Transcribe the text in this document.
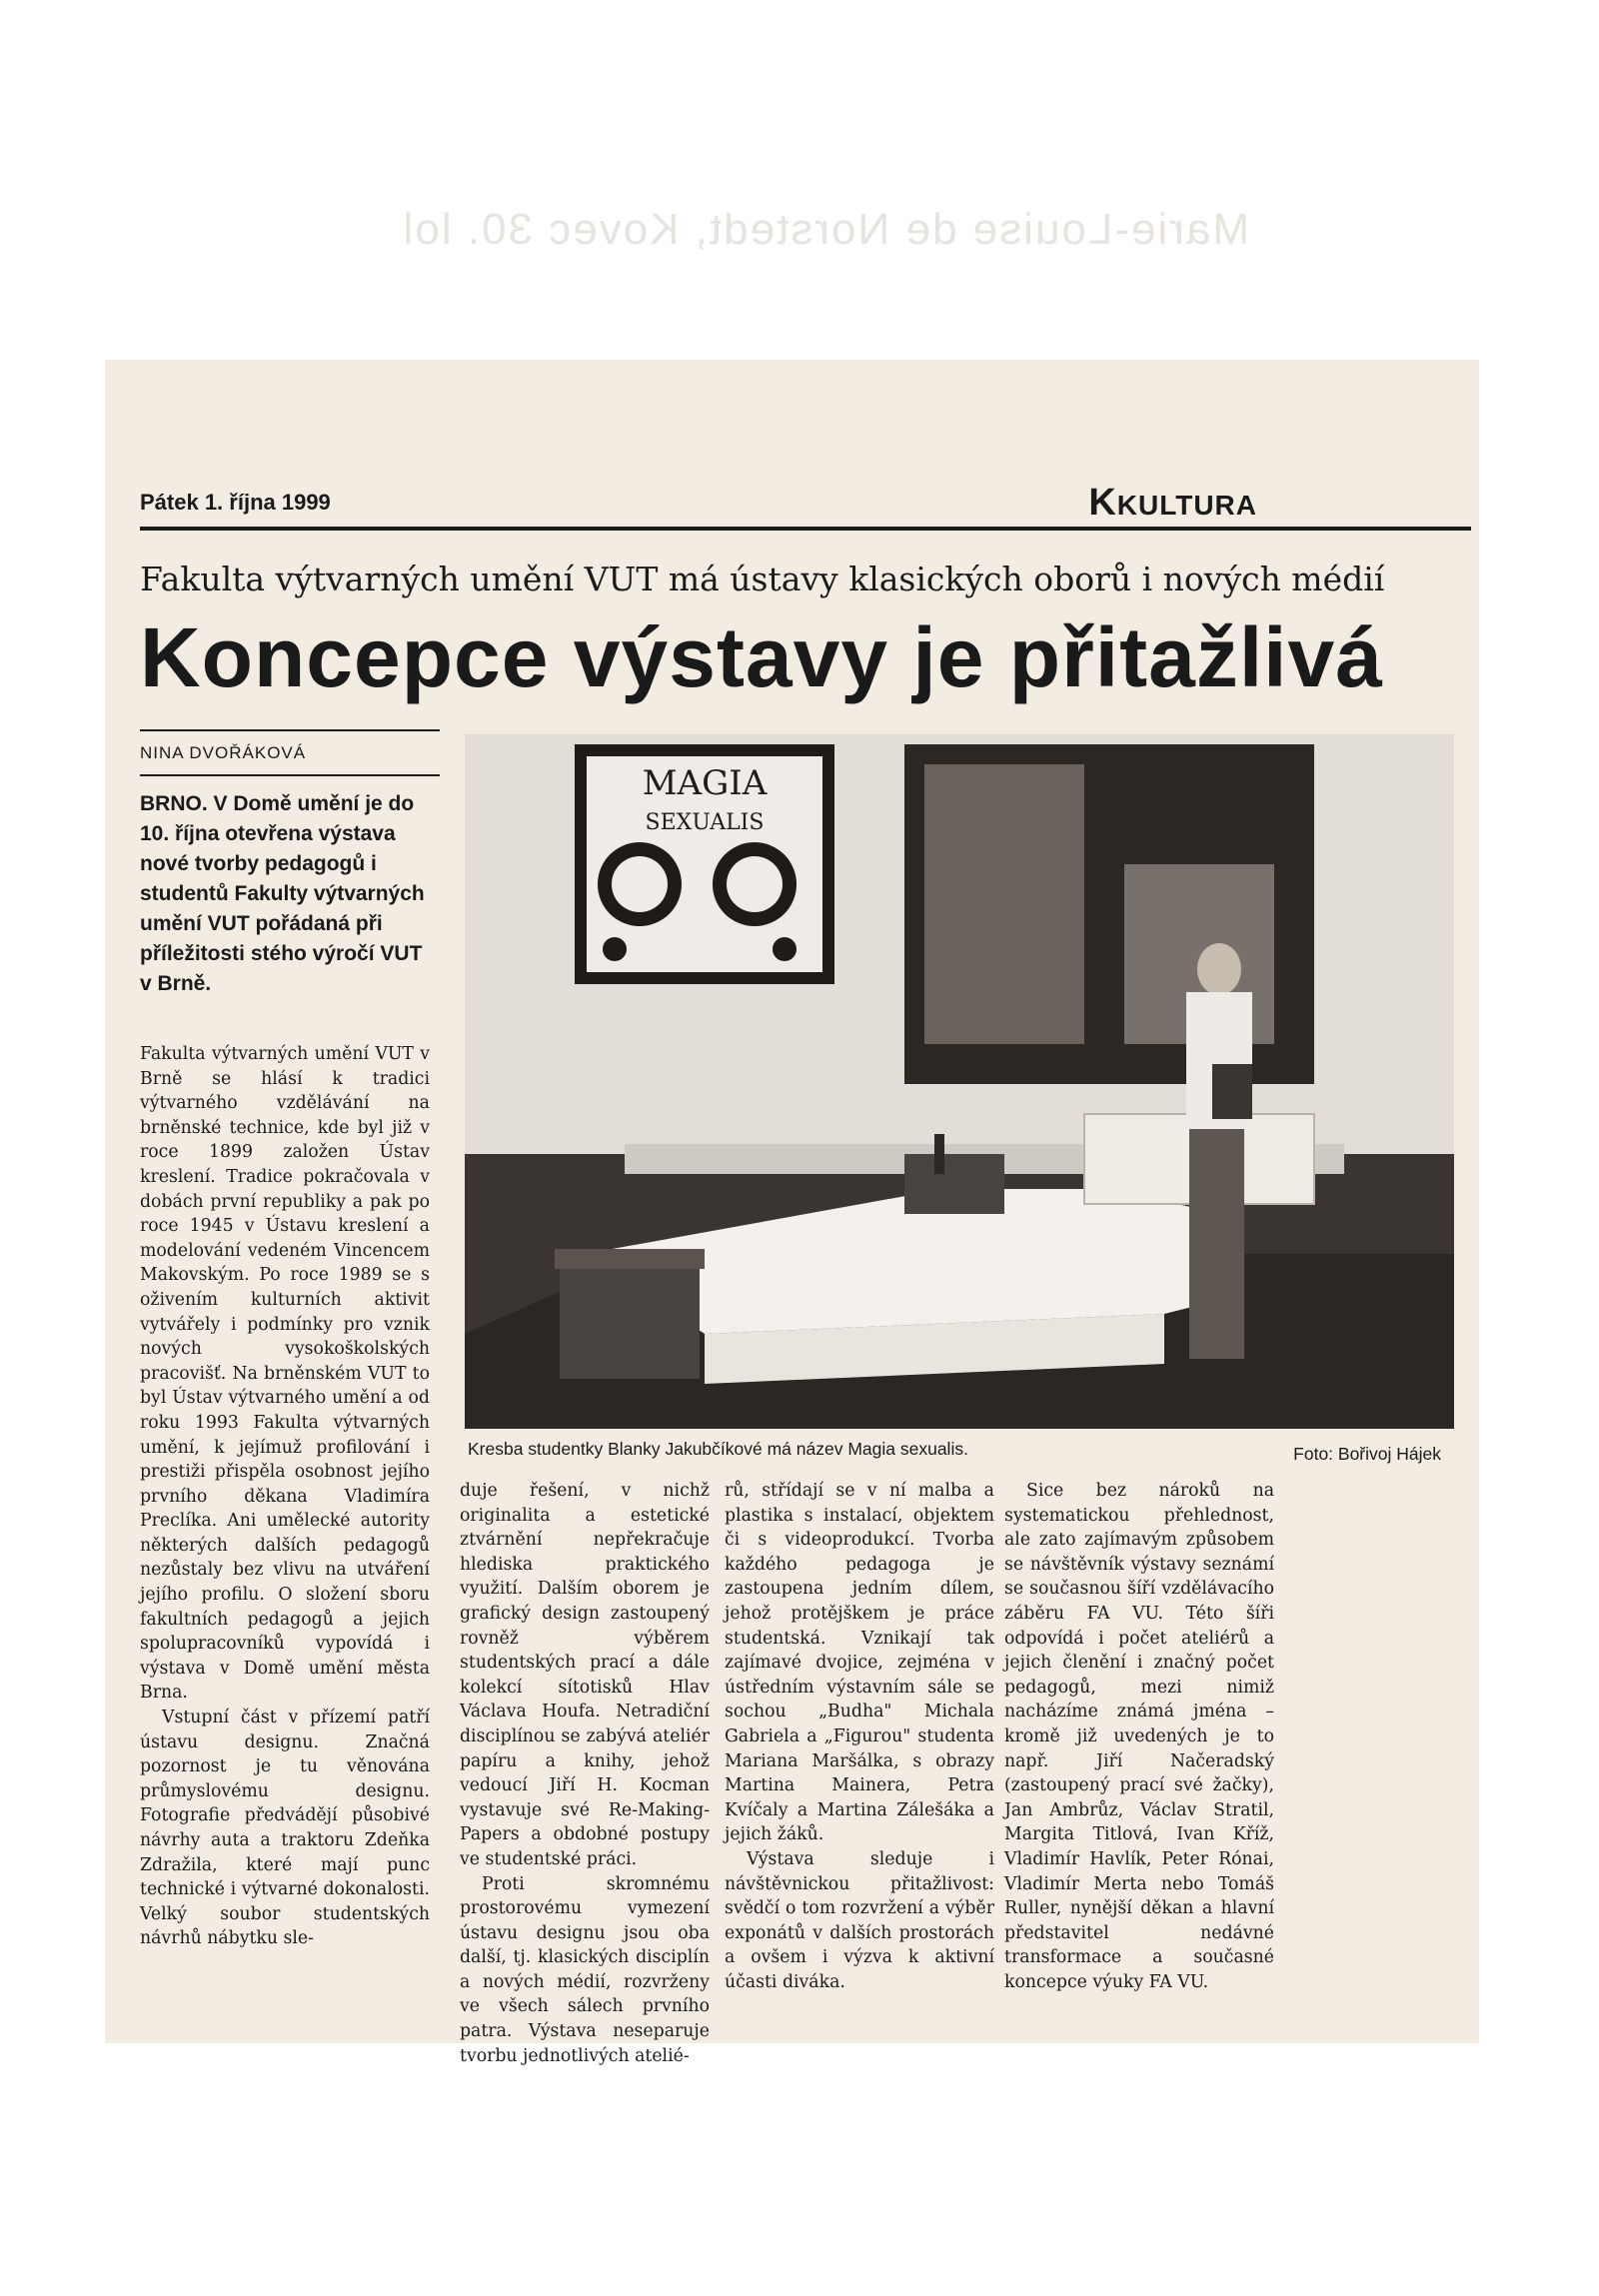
Marie-Louise de Norstedt, Kovec 30. lol
Pátek 1. října 1999	KKULTURA
Fakulta výtvarných umění VUT má ústavy klasických oborů i nových médií
Koncepce výstavy je přitažlivá
NINA DVOŘÁKOVÁ
BRNO. V Domě umění je do 10. října otevřena výstava nové tvorby pedagogů i studentů Fakulty výtvarných umění VUT pořádaná při příležitosti stého výročí VUT v Brně.

Fakulta výtvarných umění VUT v Brně se hlásí k tradici výtvarného vzdělávání na brněnské technice, kde byl již v roce 1899 založen Ústav kreslení. Tradice pokračovala v dobách první republiky a pak po roce 1945 v Ústavu kreslení a modelování vedeném Vincencem Makovským. Po roce 1989 se s oživením kulturních aktivit vytvářely i podmínky pro vznik nových vysokoškolských pracovišť. Na brněnském VUT to byl Ústav výtvarného umění a od roku 1993 Fakulta výtvarných umění, k jejímuž profilování i prestiži přispěla osobnost jejího prvního děkana Vladimíra Preclíka. Ani umělecké autority některých dalších pedagogů nezůstaly bez vlivu na utváření jejího profilu. O složení sboru fakultních pedagogů a jejich spolupracovníků vypovídá i výstava v Domě umění města Brna.

Vstupní část v přízemí patří ústavu designu. Značná pozornost je tu věnována průmyslovému designu. Fotografie předvádějí působivé návrhy auta a traktoru Zdeňka Zdražila, které mají punc technické i výtvarné dokonalosti. Velký soubor studentských návrhů nábytku sle-

MAGIA
SEXUALIS
Kresba studentky Blanky Jakubčíkové má název Magia sexualis.	Foto: Bořivoj Hájek

duje řešení, v nichž originalita a estetické ztvárnění nepřekračuje hlediska praktického využití. Dalším oborem je grafický design zastoupený rovněž výběrem studentských prací a dále kolekcí sítotisků Hlav Václava Houfa. Netradiční disciplínou se zabývá ateliér papíru a knihy, jehož vedoucí Jiří H. Kocman vystavuje své Re-Making-Papers a obdobné postupy ve studentské práci.

Proti skromnému prostorovému vymezení ústavu designu jsou oba další, tj. klasických disciplín a nových médií, rozvrženy ve všech sálech prvního patra. Výstava neseparuje tvorbu jednotlivých atelié-

rů, střídají se v ní malba a plastika s instalací, objektem či s videoprodukcí. Tvorba každého pedagoga je zastoupena jedním dílem, jehož protějškem je práce studentská. Vznikají tak zajímavé dvojice, zejména v ústředním výstavním sále se sochou „Budha" Michala Gabriela a „Figurou" studenta Mariana Maršálka, s obrazy Martina Mainera, Petra Kvíčaly a Martina Zálešáka a jejich žáků.

Výstava sleduje i návštěvnickou přitažlivost: svědčí o tom rozvržení a výběr exponátů v dalších prostorách a ovšem i výzva k aktivní účasti diváka.

Sice bez nároků na systematickou přehlednost, ale zato zajímavým způsobem se návštěvník výstavy seznámí se současnou šíří vzdělávacího záběru FA VU. Této šíři odpovídá i počet ateliérů a jejich členění i značný počet pedagogů, mezi nimiž nacházíme známá jména – kromě již uvedených je to např. Jiří Načeradský (zastoupený prací své žačky), Jan Ambrůz, Václav Stratil, Margita Titlová, Ivan Kříž, Vladimír Havlík, Peter Rónai, Vladimír Merta nebo Tomáš Ruller, nynější děkan a hlavní představitel nedávné transformace a současné koncepce výuky FA VU.
